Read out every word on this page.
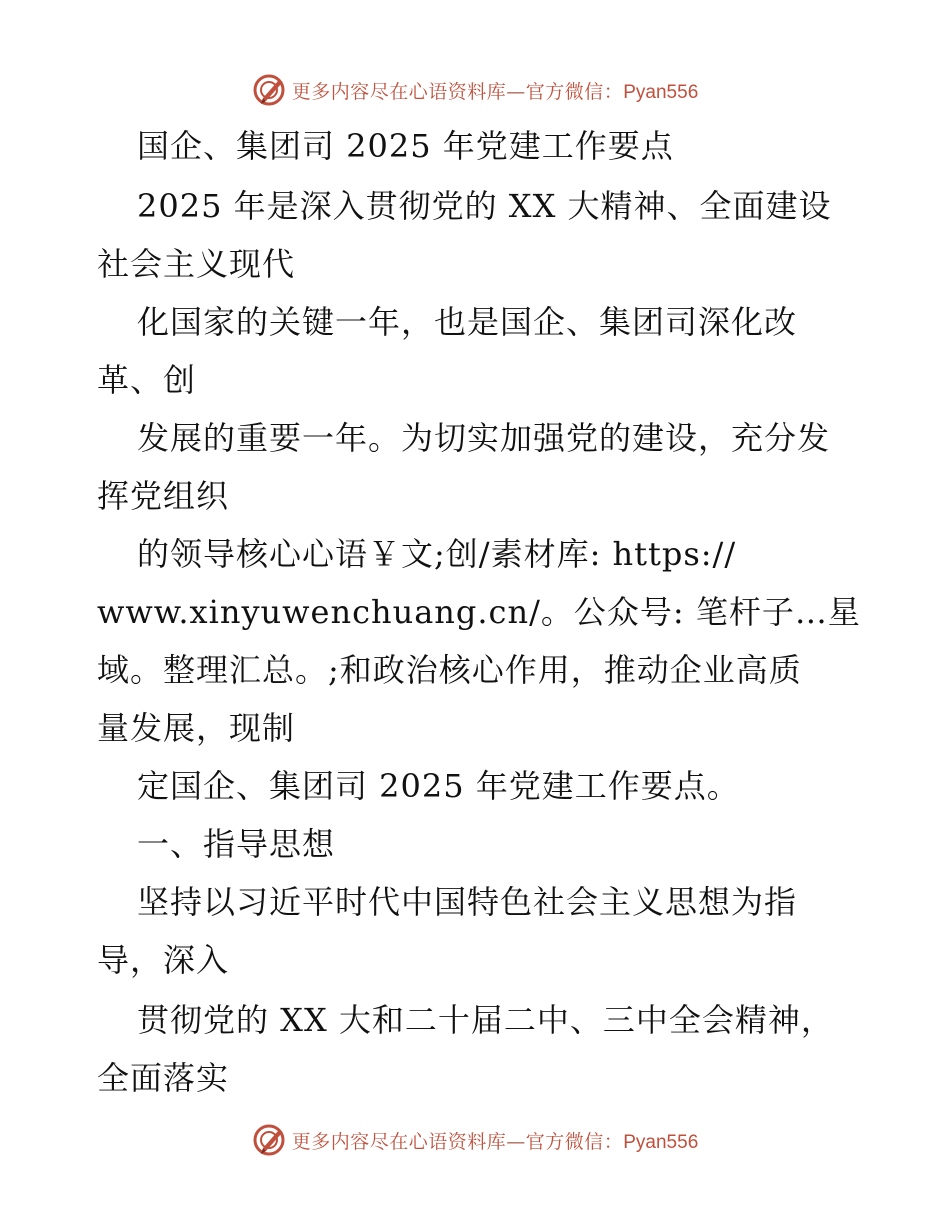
更多内容尽在心语资料库—官方微信：Pyan556
国企、集团司 2025 年党建工作要点
2025 年是深入贯彻党的 XX 大精神、全面建设
社会主义现代
化国家的关键一年，也是国企、集团司深化改
革、创
发展的重要一年。为切实加强党的建设，充分发
挥党组织
的领导核心心语￥文;创/素材库: https://
www.xinyuwenchuang.cn/。公众号: 笔杆子…星
域。整理汇总。;和政治核心作用，推动企业高质
量发展，现制
定国企、集团司 2025 年党建工作要点。
一、指导思想
坚持以习近平时代中国特色社会主义思想为指
导，深入
贯彻党的 XX 大和二十届二中、三中全会精神，
全面落实
更多内容尽在心语资料库—官方微信：Pyan556
